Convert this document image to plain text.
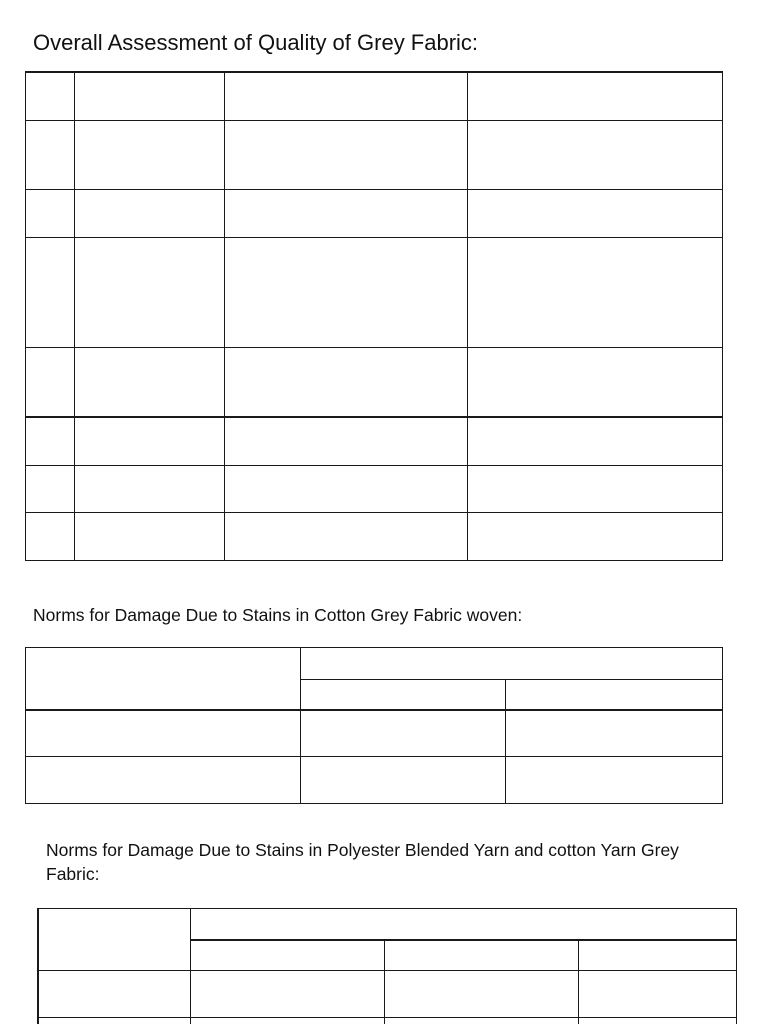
Overall Assessment of Quality of Grey Fabric:
Norms for Damage Due to Stains in Cotton Grey Fabric woven:
Norms for Damage Due to Stains in Polyester Blended Yarn and cotton Yarn Grey Fabric:
